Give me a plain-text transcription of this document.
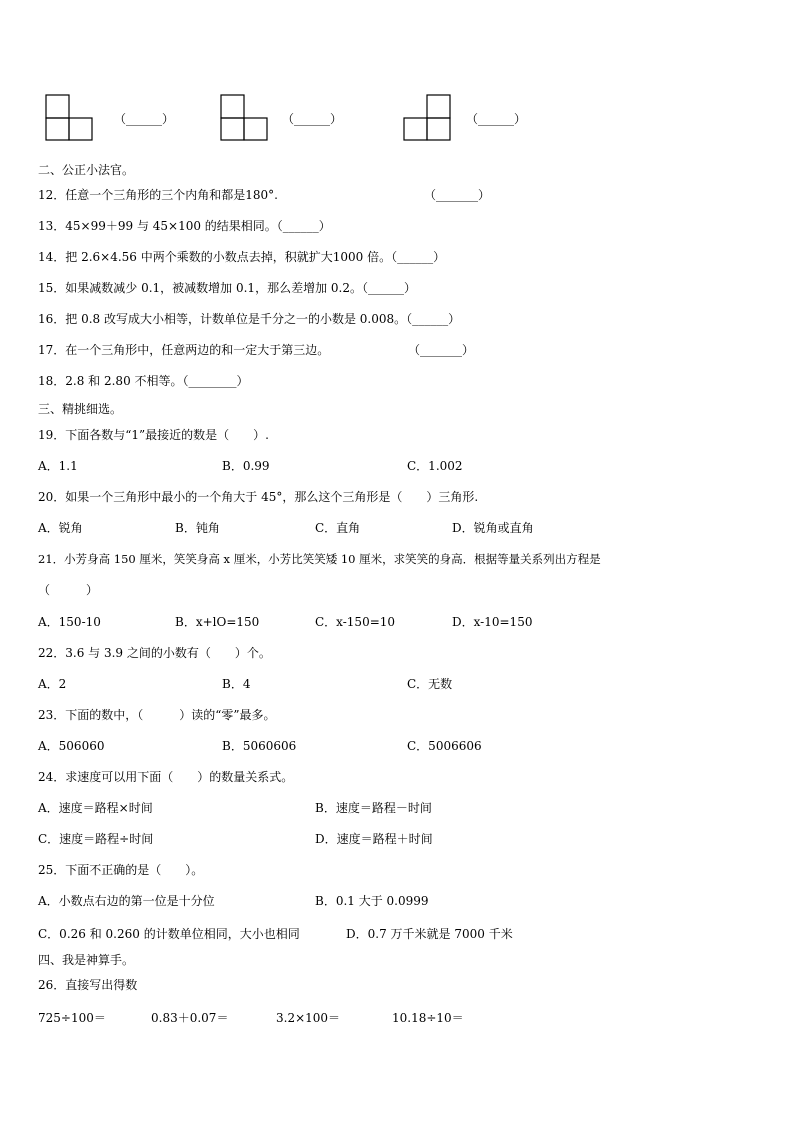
（______）	（______）	（______）
二、公正小法官。
12．任意一个三角形的三个内角和都是180°.	（_______）
13．45×99＋99 与 45×100 的结果相同。（______）
14．把 2.6×4.56 中两个乘数的小数点去掉，积就扩大1000 倍。（______）
15．如果减数减少 0.1，被减数增加 0.1，那么差增加 0.2。（______）
16．把 0.8 改写成大小相等，计数单位是千分之一的小数是 0.008。（______）
17．在一个三角形中，任意两边的和一定大于第三边。	（_______）
18．2.8 和 2.80 不相等。（________）
三、精挑细选。
19．下面各数与“1”最接近的数是（　　）.
A．1.1	B．0.99	C．1.002
20．如果一个三角形中最小的一个角大于 45°，那么这个三角形是（　　）三角形.
A．锐角	B．钝角	C．直角	D．锐角或直角
21．小芳身高 150 厘米，笑笑身高 x 厘米，小芳比笑笑矮 10 厘米，求笑笑的身高．根据等量关系列出方程是
（　　　）
A．150-10	B．x+lO=150	C．x-150=10	D．x-10=150
22．3.6 与 3.9 之间的小数有（　　）个。
A．2	B．4	C．无数
23．下面的数中，（　　　）读的“零”最多。
A．506060	B．5060606	C．5006606
24．求速度可以用下面（　　）的数量关系式。
A．速度＝路程×时间	B．速度＝路程－时间
C．速度＝路程÷时间	D．速度＝路程＋时间
25．下面不正确的是（　　）。
A．小数点右边的第一位是十分位	B．0.1 大于 0.0999
C．0.26 和 0.260 的计数单位相同，大小也相同	D．0.7 万千米就是 7000 千米
四、我是神算手。
26．直接写出得数
725÷100＝	0.83＋0.07＝	3.2×100＝	10.18÷10＝
